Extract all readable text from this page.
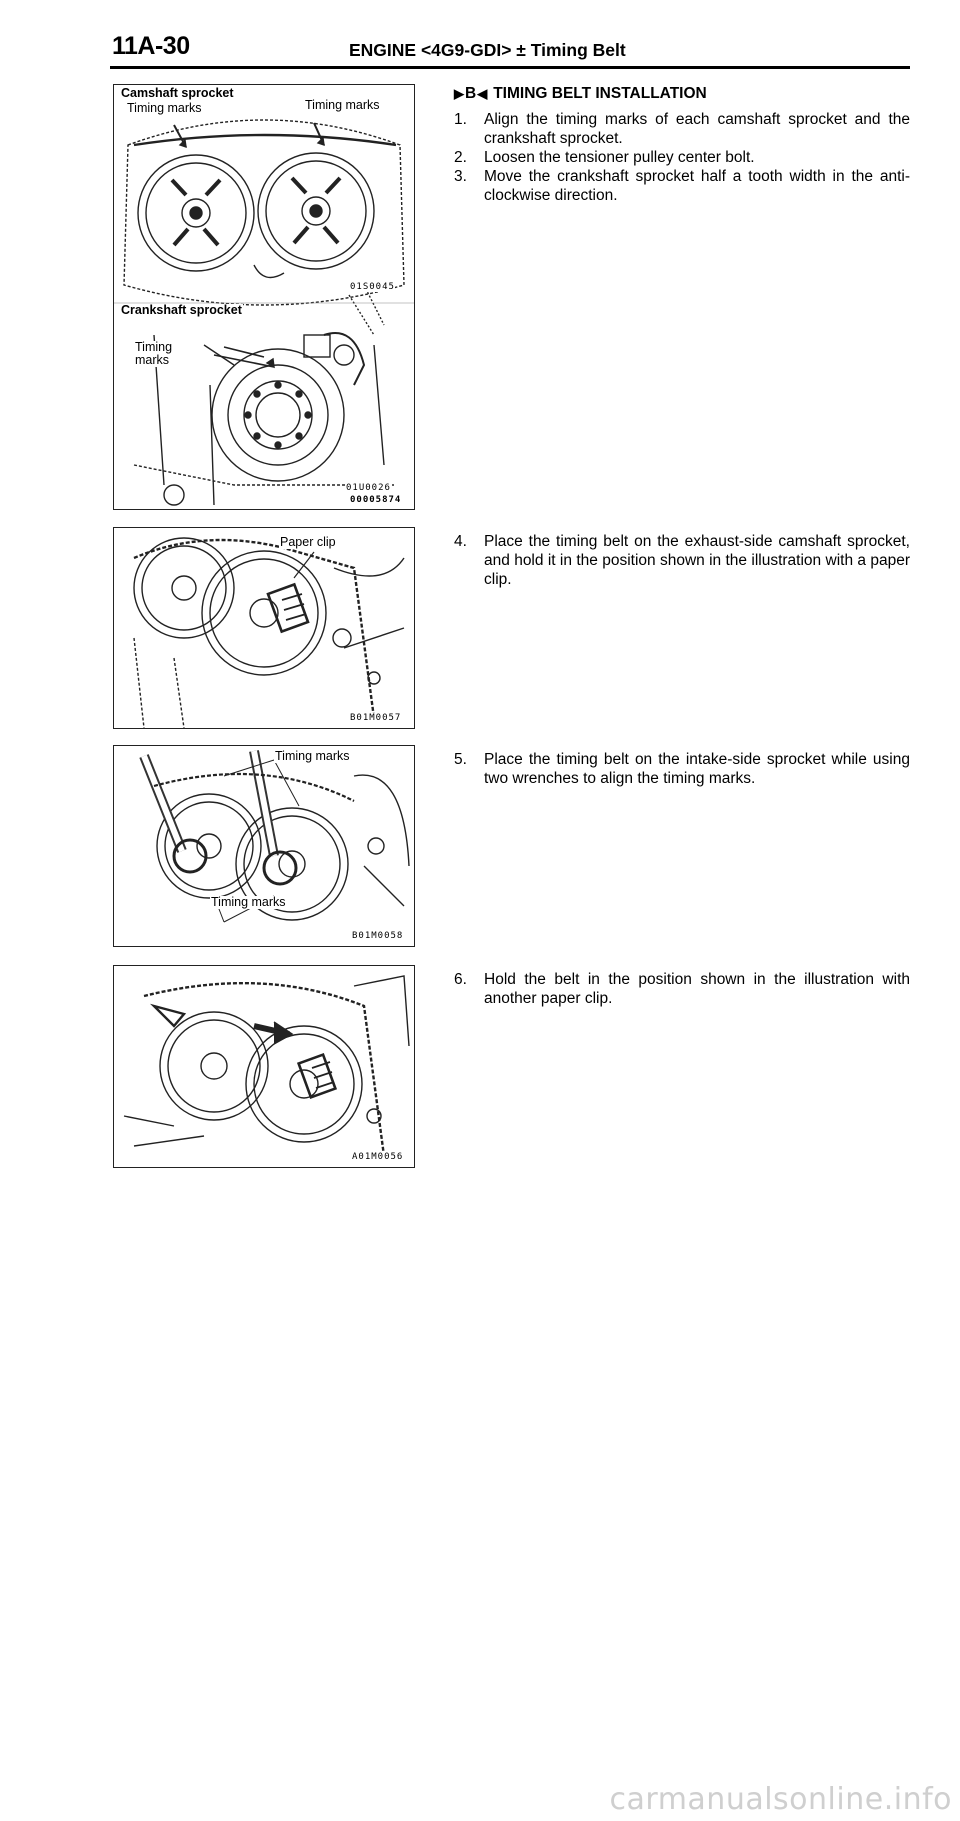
11A-30	ENGINE <4G9-GDI> ± Timing Belt
Camshaft sprocket
Timing marks	Timing marks
01S0045
Crankshaft sprocket
Timing
marks
01U0026
00005874
Paper clip
B01M0057
Timing marks
Timing marks
B01M0058
A01M0056
▶ B ◀ TIMING BELT INSTALLATION
1.	Align the timing marks of each camshaft sprocket and the crankshaft sprocket.
2.	Loosen the tensioner pulley center bolt.
3.	Move the crankshaft sprocket half a tooth width in the anti-clockwise direction.
4.	Place the timing belt on the exhaust-side camshaft sprocket, and hold it in the position shown in the illustration with a paper clip.
5.	Place the timing belt on the intake-side sprocket while using two wrenches to align the timing marks.
6.	Hold the belt in the position shown in the illustration with another paper clip.
carmanualsonline.info
